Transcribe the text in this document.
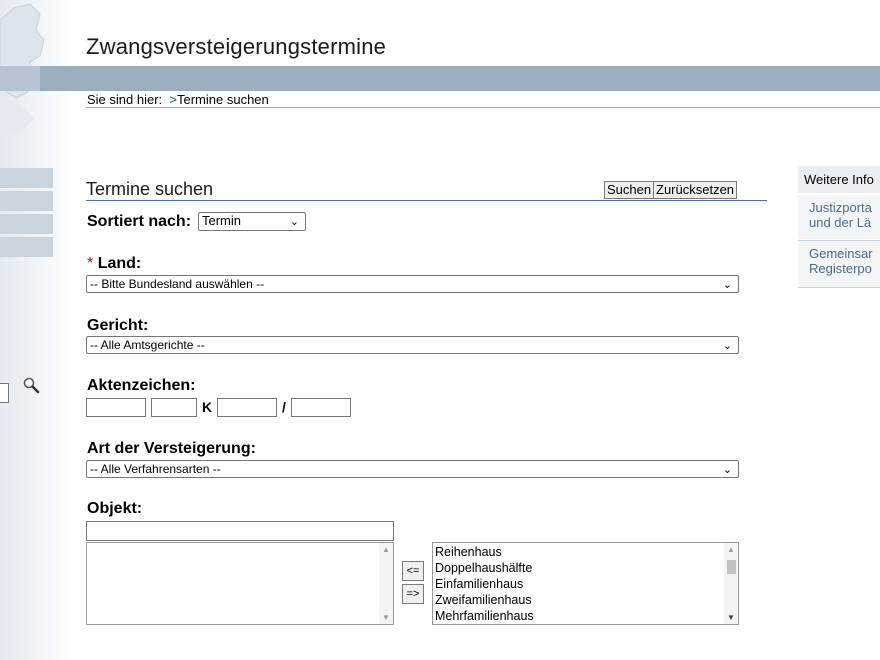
Zwangsversteigerungstermine
Sie sind hier: >Termine suchen
Termine suchen	Suchen Zurücksetzen
Sortiert nach: Termin	⌄
* Land:
-- Bitte Bundesland auswählen --	⌄
Gericht:
-- Alle Amtsgerichte --	⌄
Aktenzeichen:
K	/
Art der Versteigerung:
-- Alle Verfahrensarten --	⌄
Objekt:
▲
▼
<=
=>
Reihenhaus
Doppelhaushälfte
Einfamilienhaus
Zweifamilienhaus
Mehrfamilienhaus
▲
▼
Weitere Info
Justizporta
und der Lä
Gemeinsar
Registerpo
